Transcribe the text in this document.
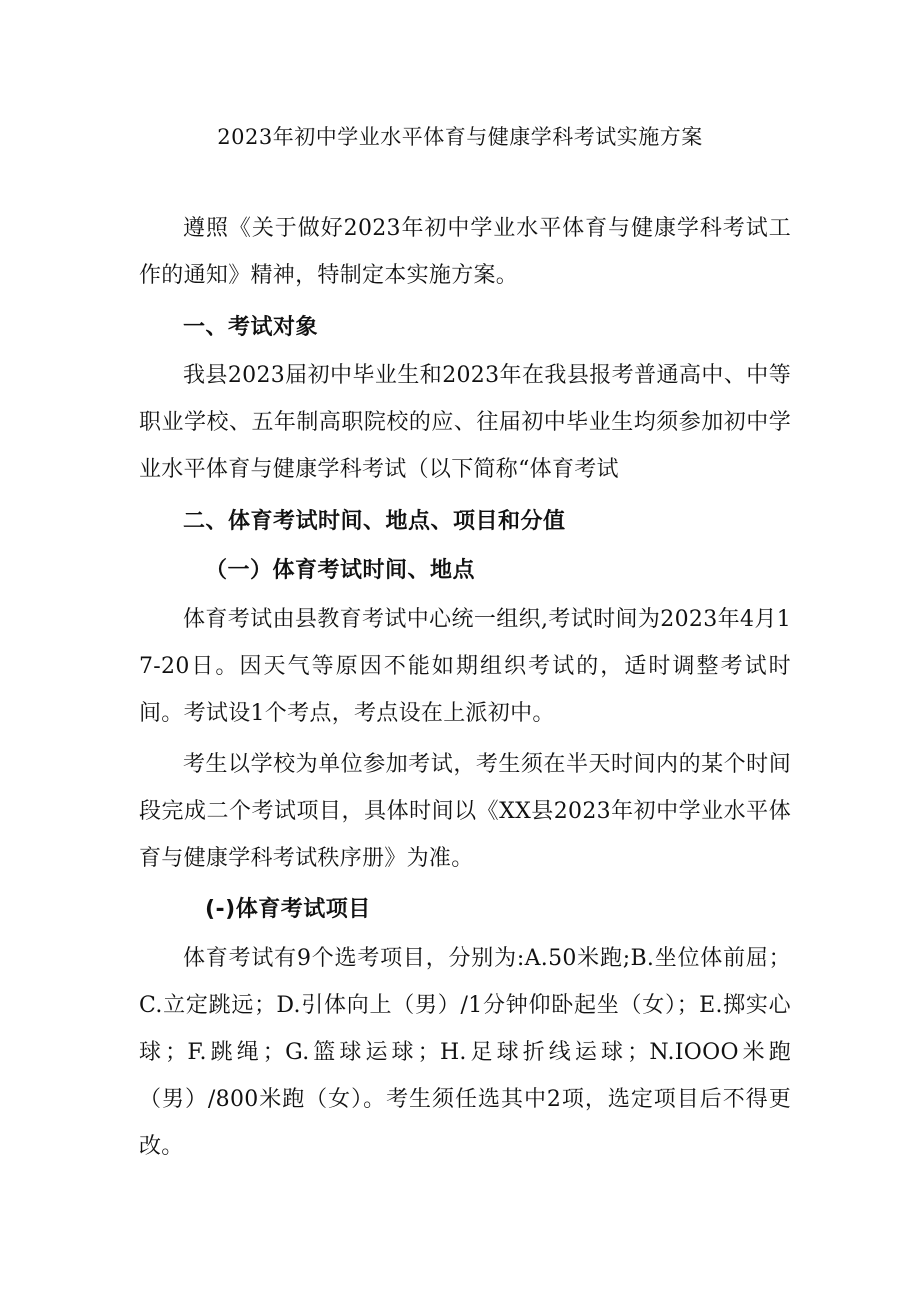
2023年初中学业水平体育与健康学科考试实施方案
遵照《关于做好2023年初中学业水平体育与健康学科考试工作的通知》精神，特制定本实施方案。
一、考试对象
我县2023届初中毕业生和2023年在我县报考普通高中、中等职业学校、五年制高职院校的应、往届初中毕业生均须参加初中学业水平体育与健康学科考试（以下简称“体育考试
二、体育考试时间、地点、项目和分值
（一）体育考试时间、地点
体育考试由县教育考试中心统一组织,考试时间为2023年4月17-20日。因天气等原因不能如期组织考试的，适时调整考试时间。考试设1个考点，考点设在上派初中。
考生以学校为单位参加考试，考生须在半天时间内的某个时间段完成二个考试项目，具体时间以《XX县2023年初中学业水平体育与健康学科考试秩序册》为准。
(-)体育考试项目
体育考试有9个选考项目，分别为:A.50米跑;B.坐位体前屈；C.立定跳远；D.引体向上（男）/1分钟仰卧起坐（女）；E.掷实心球；F.跳绳；G.篮球运球；H.足球折线运球；N.IOOO米跑（男）/800米跑（女）。考生须任选其中2项，选定项目后不得更改。
